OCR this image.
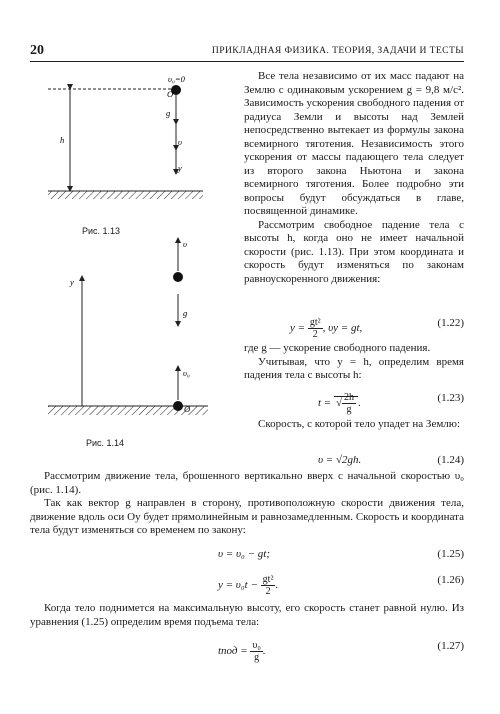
20	ПРИКЛАДНАЯ ФИЗИКА. ТЕОРИЯ, ЗАДАЧИ И ТЕСТЫ
υ₀=0
O
g
υ
y
h
υ
y
g
υ₀
O
Рис. 1.13
Рис. 1.14

Все тела независимо от их масс падают на Землю с одинаковым ускорением g = 9,8 м/с². Зависимость ускорения свободного падения от радиуса Земли и высоты над Землей непосредственно вытекает из формулы закона всемирного тяготения. Независимость этого ускорения от массы падающего тела следует из второго закона Ньютона и закона всемирного тяготения. Более подробно эти вопросы будут обсуждаться в главе, посвященной динамике.

Рассмотрим свободное падение тела с высоты h, когда оно не имеет начальной скорости (рис. 1.13). При этом координата и скорость будут изменяться по законам равноускоренного движения:

$y = \frac{\text{gt²}}{2}$ , υy = gt,	(1.22)

где g — ускорение свободного падения.

Учитывая, что y = h, определим время падения тела с высоты h:

t = √ $\frac{2h}{g}$ .	(1.23)

Скорость, с которой тело упадет на Землю:

υ = √2gh.	(1.24)

Рассмотрим движение тела, брошенного вертикально вверх с начальной скоростью υ₀ (рис. 1.14).

Так как вектор g направлен в сторону, противоположную скорости движения тела, движение вдоль оси Oy будет прямолинейным и равнозамедленным. Скорость и координата тела будут изменяться со временем по закону:

υ = υ₀ − gt;	(1.25)
$y = \upsilon_0t - \frac{\text{gt²}}{2}$ .	(1.26)

Когда тело поднимется на максимальную высоту, его скорость станет равной нулю. Из уравнения (1.25) определим время подъема тела:

tпод = $\frac{\text{υ₀}}{g}$ .	(1.27)
